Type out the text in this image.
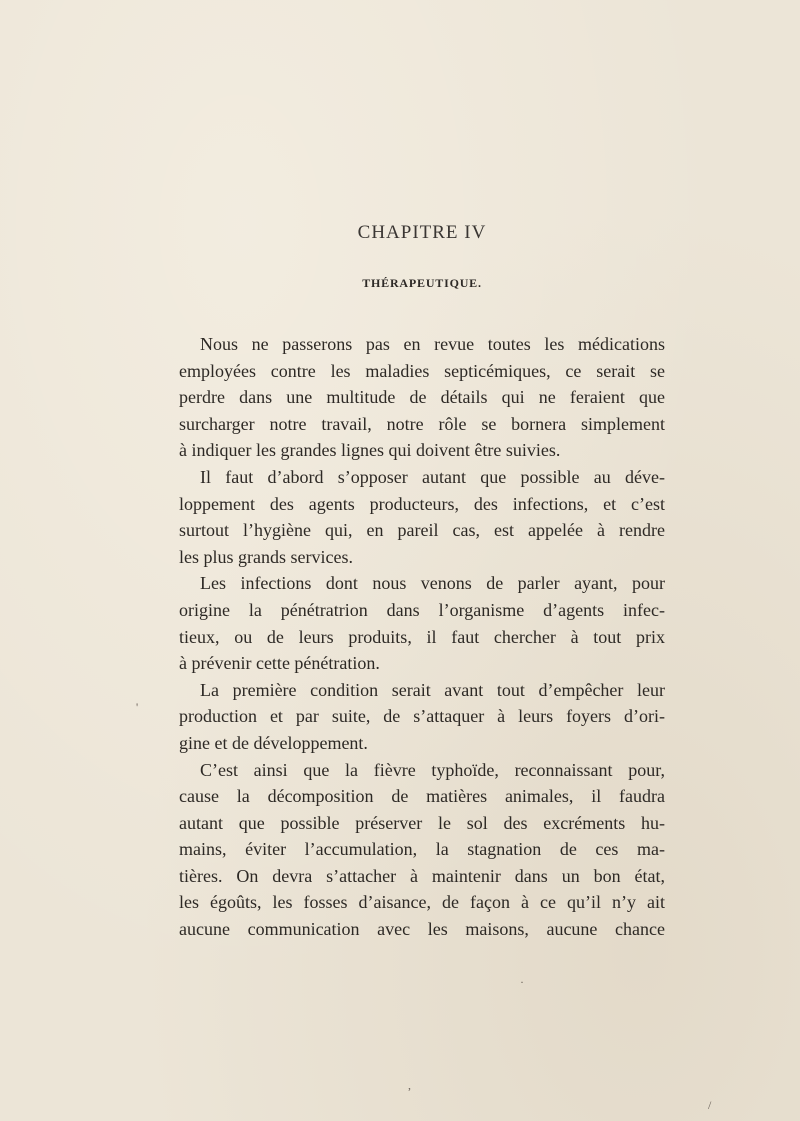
CHAPITRE IV
THÉRAPEUTIQUE.

Nous ne passerons pas en revue toutes les médications
employées contre les maladies septicémiques, ce serait se
perdre dans une multitude de détails qui ne feraient que
surcharger notre travail, notre rôle se bornera simplement
à indiquer les grandes lignes qui doivent être suivies.

Il faut d’abord s’opposer autant que possible au déve-
loppement des agents producteurs, des infections, et c’est
surtout l’hygiène qui, en pareil cas, est appelée à rendre
les plus grands services.

Les infections dont nous venons de parler ayant, pour
origine la pénétratrion dans l’organisme d’agents infec-
tieux, ou de leurs produits, il faut chercher à tout prix
à prévenir cette pénétration.

La première condition serait avant tout d’empêcher leur
production et par suite, de s’attaquer à leurs foyers d’ori-
gine et de développement.

C’est ainsi que la fièvre typhoïde, reconnaissant pour,
cause la décomposition de matières animales, il faudra
autant que possible préserver le sol des excréments hu-
mains, éviter l’accumulation, la stagnation de ces ma-
tières. On devra s’attacher à maintenir dans un bon état,
les égoûts, les fosses d’aisance, de façon à ce qu’il n’y ait
aucune communication avec les maisons, aucune chance

'
·
,
/
